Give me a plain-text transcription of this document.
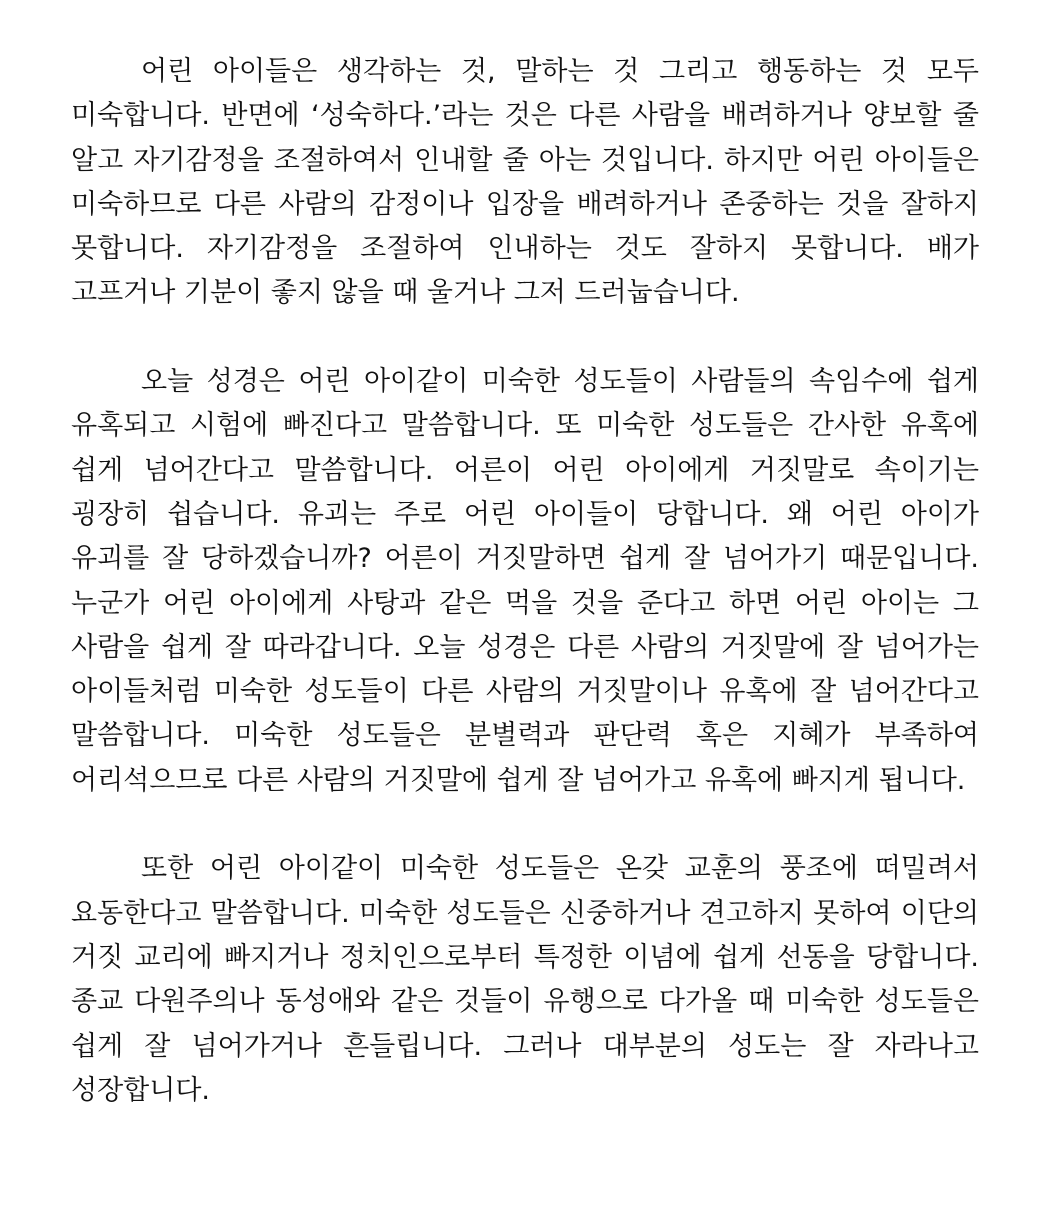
어린 아이들은 생각하는 것, 말하는 것 그리고 행동하는 것 모두 미숙합니다. 반면에 ‘성숙하다.’라는 것은 다른 사람을 배려하거나 양보할 줄 알고 자기감정을 조절하여서 인내할 줄 아는 것입니다. 하지만 어린 아이들은 미숙하므로 다른 사람의 감정이나 입장을 배려하거나 존중하는 것을 잘하지 못합니다. 자기감정을 조절하여 인내하는 것도 잘하지 못합니다. 배가 고프거나 기분이 좋지 않을 때 울거나 그저 드러눕습니다.

오늘 성경은 어린 아이같이 미숙한 성도들이 사람들의 속임수에 쉽게 유혹되고 시험에 빠진다고 말씀합니다. 또 미숙한 성도들은 간사한 유혹에 쉽게 넘어간다고 말씀합니다. 어른이 어린 아이에게 거짓말로 속이기는 굉장히 쉽습니다. 유괴는 주로 어린 아이들이 당합니다. 왜 어린 아이가 유괴를 잘 당하겠습니까? 어른이 거짓말하면 쉽게 잘 넘어가기 때문입니다. 누군가 어린 아이에게 사탕과 같은 먹을 것을 준다고 하면 어린 아이는 그 사람을 쉽게 잘 따라갑니다. 오늘 성경은 다른 사람의 거짓말에 잘 넘어가는 아이들처럼 미숙한 성도들이 다른 사람의 거짓말이나 유혹에 잘 넘어간다고 말씀합니다. 미숙한 성도들은 분별력과 판단력 혹은 지혜가 부족하여 어리석으므로 다른 사람의 거짓말에 쉽게 잘 넘어가고 유혹에 빠지게 됩니다.

또한 어린 아이같이 미숙한 성도들은 온갖 교훈의 풍조에 떠밀려서 요동한다고 말씀합니다. 미숙한 성도들은 신중하거나 견고하지 못하여 이단의 거짓 교리에 빠지거나 정치인으로부터 특정한 이념에 쉽게 선동을 당합니다. 종교 다원주의나 동성애와 같은 것들이 유행으로 다가올 때 미숙한 성도들은 쉽게 잘 넘어가거나 흔들립니다. 그러나 대부분의 성도는 잘 자라나고 성장합니다.
